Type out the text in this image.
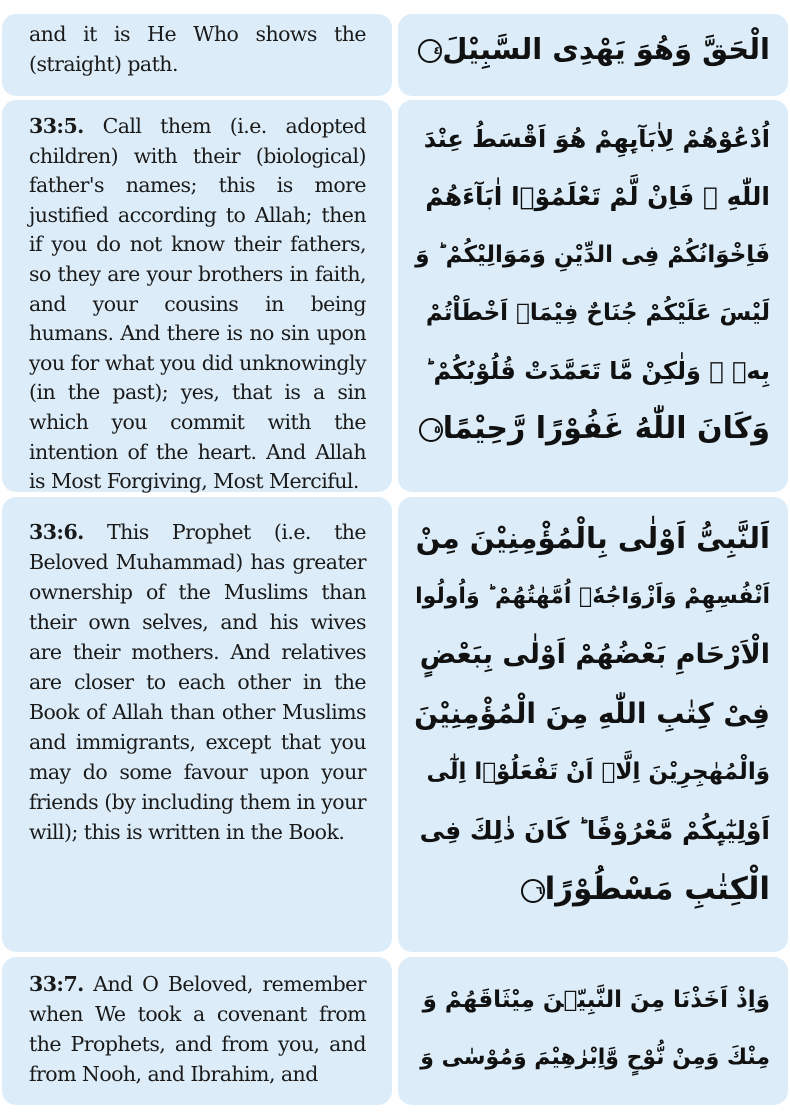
and it is He Who shows the (straight) path.	الْحَقَّ وَهُوَ يَهْدِى السَّبِيْلَ٤
33:5. Call them (i.e. adopted children) with their (biological) father's names; this is more justified according to Allah; then if you do not know their fathers, so they are your brothers in faith, and your cousins in being humans. And there is no sin upon you for what you did unknowingly (in the past); yes, that is a sin which you commit with the intention of the heart. And Allah is Most Forgiving, Most Merciful.
اُدْعُوْهُمْ لِاٰبَآىِٕهِمْ هُوَ اَقْسَطُ عِنْدَ
اللّٰهِ ۚ فَاِنْ لَّمْ تَعْلَمُوْۤا اٰبَآءَهُمْ
فَاِخْوَانُكُمْ فِى الدِّيْنِ وَمَوَالِيْكُمْ ؕ وَ
لَيْسَ عَلَيْكُمْ جُنَاحٌ فِيْمَاۤ اَخْطَاْتُمْ
بِهٖ ۙ وَلٰكِنْ مَّا تَعَمَّدَتْ قُلُوْبُكُمْ ؕ
وَكَانَ اللّٰهُ غَفُوْرًا رَّحِيْمًا٥
33:6. This Prophet (i.e. the Beloved Muhammad) has greater ownership of the Muslims than their own selves, and his wives are their mothers. And relatives are closer to each other in the Book of Allah than other Muslims and immigrants, except that you may do some favour upon your friends (by including them in your will); this is written in the Book.
اَلنَّبِىُّ اَوْلٰى بِالْمُؤْمِنِيْنَ مِنْ
اَنْفُسِهِمْ وَاَزْوَاجُهٗۤ اُمَّهٰتُهُمْ ؕ وَاُولُوا
الْاَرْحَامِ بَعْضُهُمْ اَوْلٰى بِبَعْضٍ
فِىْ كِتٰبِ اللّٰهِ مِنَ الْمُؤْمِنِيْنَ
وَالْمُهٰجِرِيْنَ اِلَّاۤ اَنْ تَفْعَلُوْۤا اِلٰٓى
اَوْلِيٰٓىِٕكُمْ مَّعْرُوْفًا ؕ كَانَ ذٰلِكَ فِى
الْكِتٰبِ مَسْطُوْرًا٦
33:7. And O Beloved, remember when We took a covenant from the Prophets, and from you, and from Nooh, and Ibrahim, and
وَاِذْ اَخَذْنَا مِنَ النَّبِيّٖنَ مِيْثَاقَهُمْ وَ
مِنْكَ وَمِنْ نُّوْحٍ وَّاِبْرٰهِيْمَ وَمُوْسٰى وَ
